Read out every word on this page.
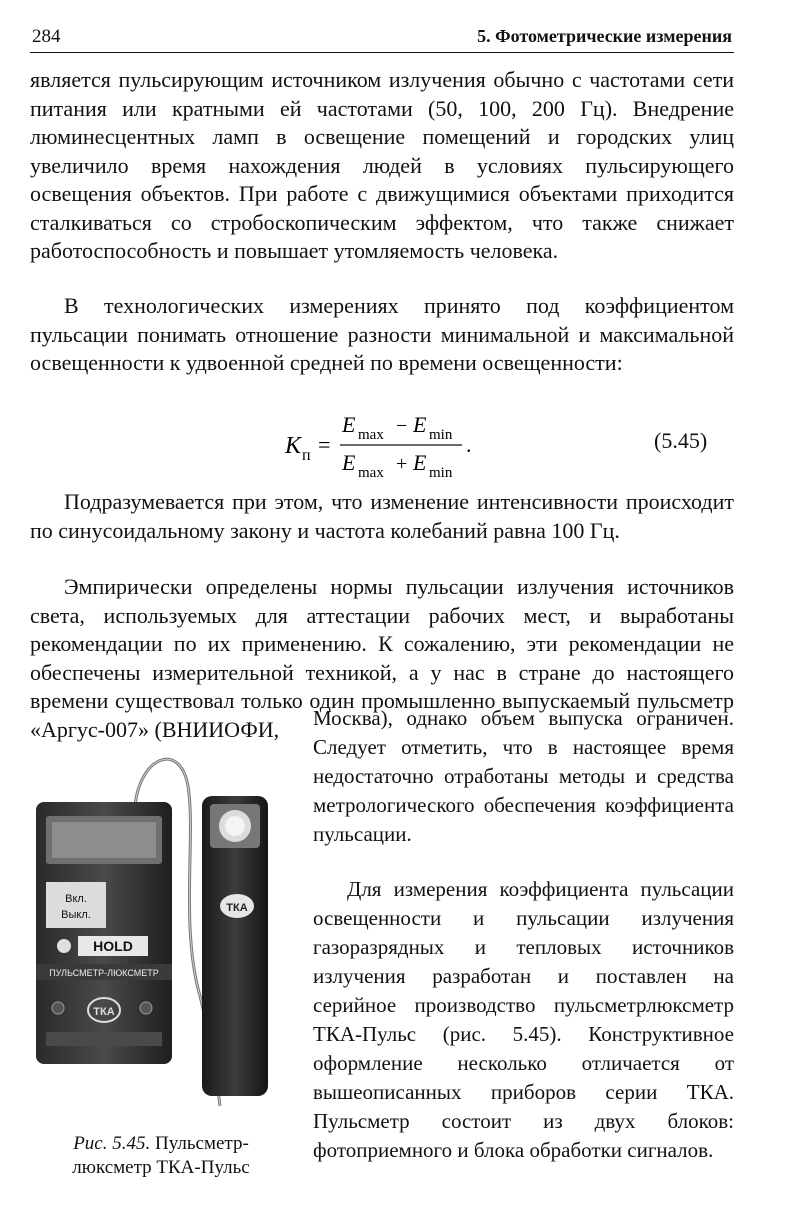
284	5. Фотометрические измерения

является пульсирующим источником излучения обычно с частотами сети питания или кратными ей частотами (50, 100, 200 Гц). Внедрение люминесцентных ламп в освещение помещений и городских улиц увеличило время нахождения людей в условиях пульсирующего освещения объектов. При работе с движущимися объектами приходится сталкиваться со стробоскопическим эффектом, что также снижает работоспособность и повышает утомляемость человека.

В технологических измерениях принято под коэффициентом пульсации понимать отношение разности минимальной и максимальной освещенности к удвоенной средней по времени освещенности:

K п =
E max − E min
E max + E min
.	(5.45)

Подразумевается при этом, что изменение интенсивности происходит по синусоидальному закону и частота колебаний равна 100 Гц.

Эмпирически определены нормы пульсации излучения источников света, используемых для аттестации рабочих мест, и выработаны рекомендации по их применению. К сожалению, эти рекомендации не обеспечены измерительной техникой, а у нас в стране до настоящего времени существовал только один промышленно выпускаемый пульсметр «Аргус-007» (ВНИИОФИ,	Москва), однако объем выпуска ограничен. Следует отметить, что в настоящее время недостаточно отработаны методы и средства метрологического обеспечения коэффициента пульсации.

Для измерения коэффициента пульсации освещенности и пульсации излучения газоразрядных и тепловых источников излучения разработан и поставлен на серийное производство пульсметрлюксметр ТКА-Пульс (рис. 5.45). Конструктивное оформление несколько отличается от вышеописанных приборов серии ТКА. Пульсметр состоит из двух блоков: фотоприемного и блока обработки сигналов.

Вкл.
Выкл.
HOLD
ПУЛЬСМЕТР-ЛЮКСМЕТР
ТКА
ТКА
Рис. 5.45. Пульсметр-люксметр ТКА-Пульс
